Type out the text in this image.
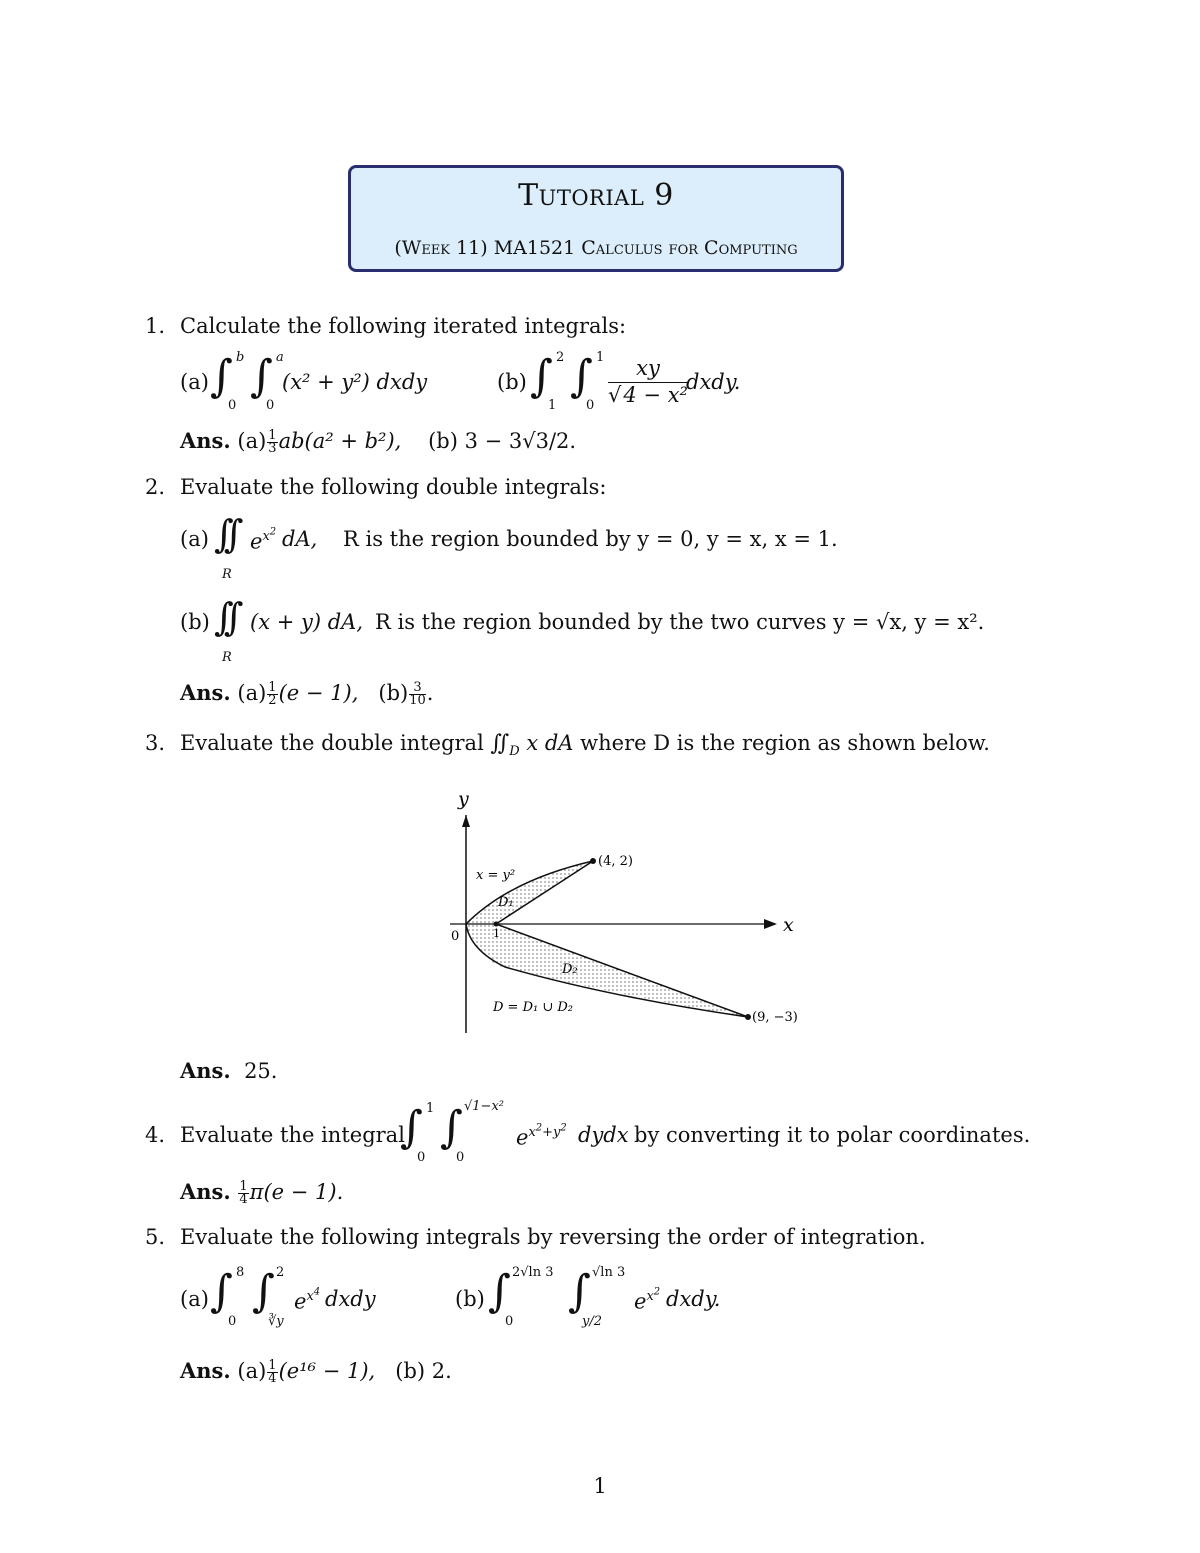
Tutorial 9
(Week 11) MA1521 Calculus for Computing
1. Calculate the following iterated integrals:
(a) ∫ b
0
∫ a
0
(x² + y²) dxdy	(b) ∫ 2
1
∫ 1
$0 \frac{xy}{\text{√4 − x²}}$
dxdy.
Ans. $(a) \frac{1}{3} ab(a^2 + b^2)$, (b) 3 − 3√3/2.
2. Evaluate the following double integrals:
(a) ∫∫
R
$e^{x^2}$ dA, R is the region bounded by y = 0, y = x, x = 1.
(b) ∫∫
R
(x + y) dA, R is the region bounded by the two curves y = √x, y = x².
Ans. $(a) \frac{1}{2} (e - 1)$, $(b) \frac{3}{10}$ .
3. Evaluate the double integral $∬_D$ x dA where D is the region as shown below.
y
x
0	1
x = y²
(4, 2)
(9, −3)
D₁
D₂
D = D₁ ∪ D₂
Ans. 25.
4. Evaluate the integral
∫ 1
0
∫ √1−x²
0
$e^{x^2+y^2}$ dydx by converting it to polar coordinates.
Ans. $\frac{1}{4} \pi(e - 1)$.
5. Evaluate the following integrals by reversing the order of integration.
(a) ∫ 8
0
∫ 2
∛y
$e^{x^4}$ dxdy	(b) ∫ 2√ln 3
0
∫ √ln 3
y/2
$e^{x^2}$ dxdy.
Ans. $(a) \frac{1}{4} (e^{16} - 1)$, (b) 2.
1
